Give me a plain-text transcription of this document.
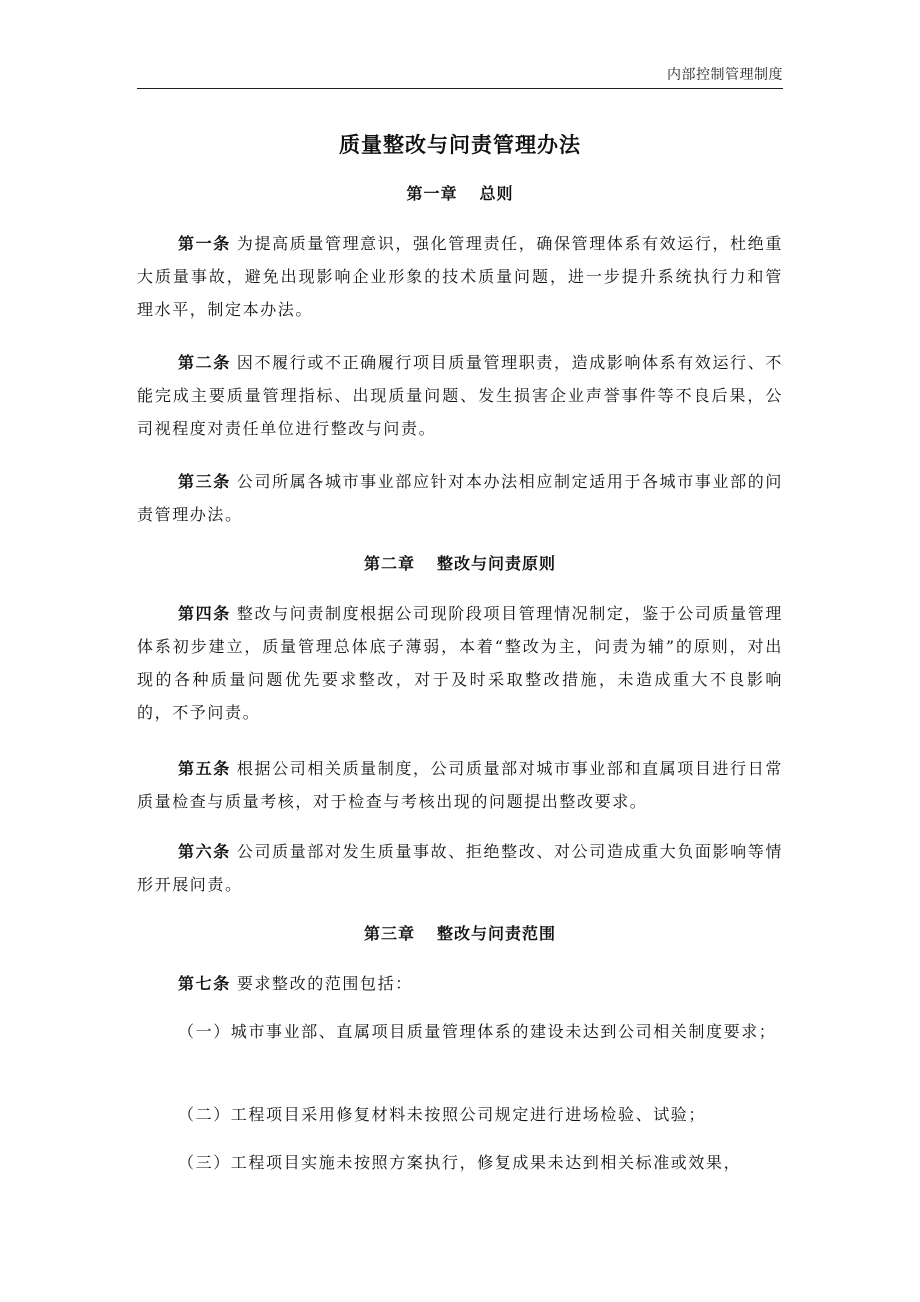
内部控制管理制度
质量整改与问责管理办法
第一章 总则

第一条 为提高质量管理意识，强化管理责任，确保管理体系有效运行，杜绝重大质量事故，避免出现影响企业形象的技术质量问题，进一步提升系统执行力和管理水平，制定本办法。

第二条 因不履行或不正确履行项目质量管理职责，造成影响体系有效运行、不能完成主要质量管理指标、出现质量问题、发生损害企业声誉事件等不良后果，公司视程度对责任单位进行整改与问责。

第三条 公司所属各城市事业部应针对本办法相应制定适用于各城市事业部的问责管理办法。

第二章 整改与问责原则

第四条 整改与问责制度根据公司现阶段项目管理情况制定，鉴于公司质量管理体系初步建立，质量管理总体底子薄弱，本着“整改为主，问责为辅”的原则，对出现的各种质量问题优先要求整改，对于及时采取整改措施，未造成重大不良影响的，不予问责。

第五条 根据公司相关质量制度，公司质量部对城市事业部和直属项目进行日常质量检查与质量考核，对于检查与考核出现的问题提出整改要求。

第六条 公司质量部对发生质量事故、拒绝整改、对公司造成重大负面影响等情形开展问责。

第三章 整改与问责范围

第七条 要求整改的范围包括：

（一）城市事业部、直属项目质量管理体系的建设未达到公司相关制度要求；

（二）工程项目采用修复材料未按照公司规定进行进场检验、试验；

（三）工程项目实施未按照方案执行，修复成果未达到相关标准或效果，
